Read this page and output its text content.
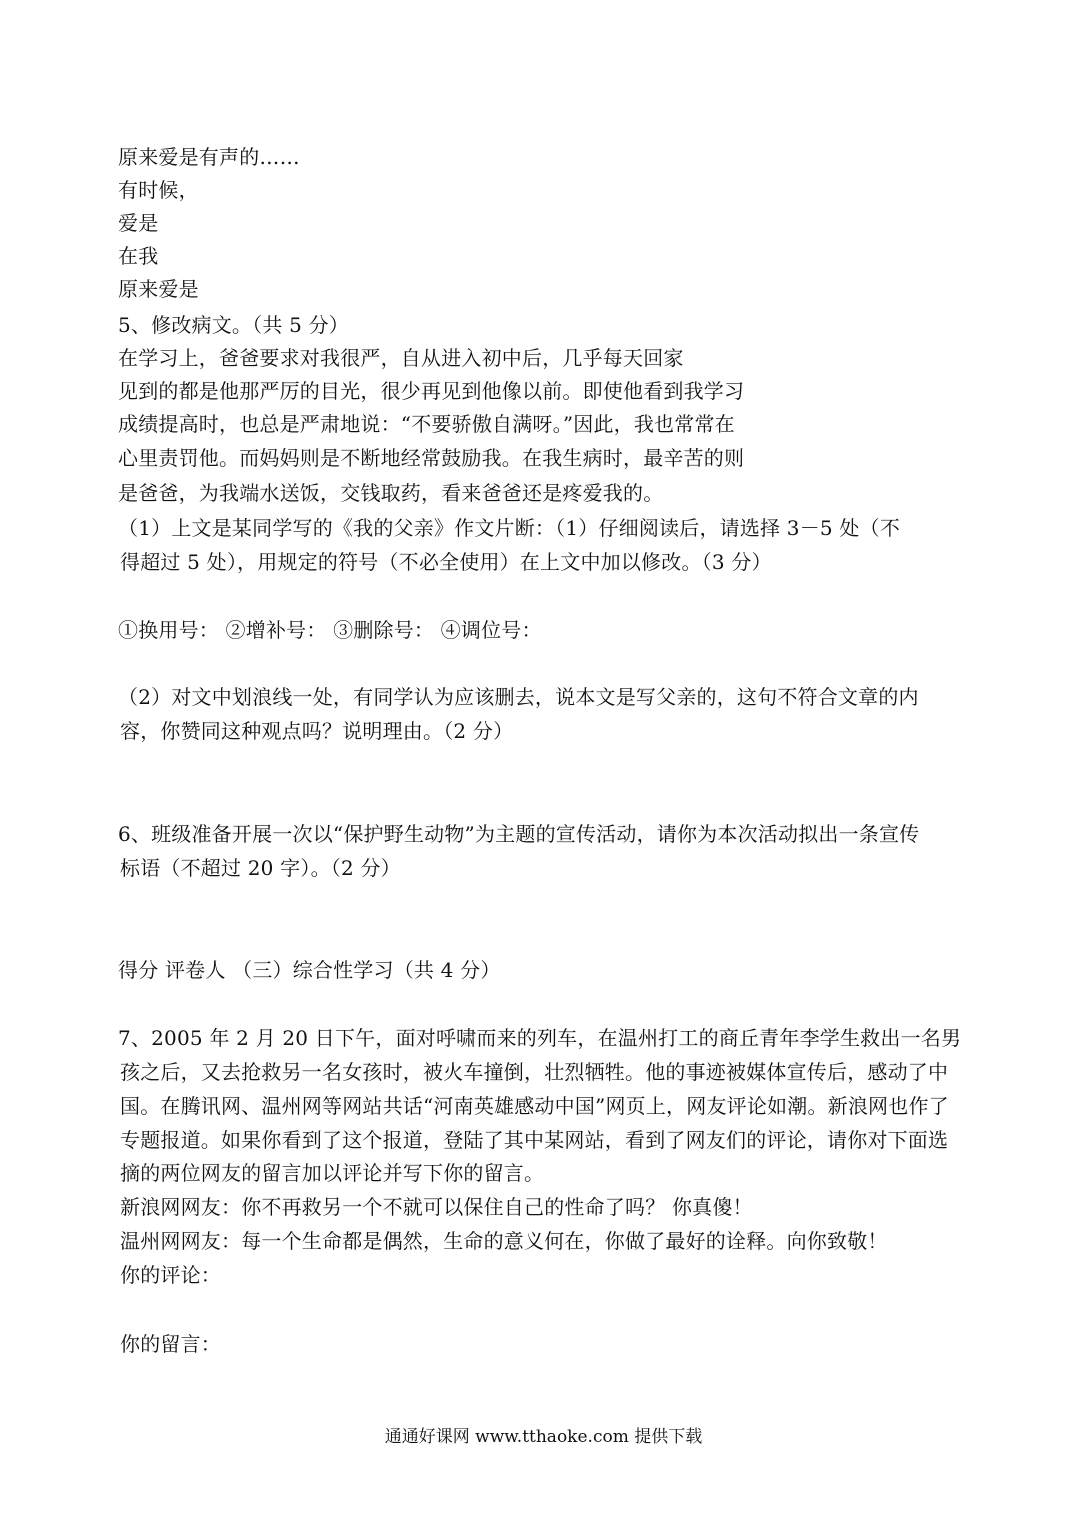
原来爱是有声的……
有时候，
爱是
在我
原来爱是
5、修改病文。（共 5 分）
在学习上，爸爸要求对我很严，自从进入初中后，几乎每天回家
见到的都是他那严厉的目光，很少再见到他像以前。即使他看到我学习
成绩提高时，也总是严肃地说：“不要骄傲自满呀。”因此，我也常常在
心里责罚他。而妈妈则是不断地经常鼓励我。在我生病时，最辛苦的则
是爸爸，为我端水送饭，交钱取药，看来爸爸还是疼爱我的。
（1）上文是某同学写的《我的父亲》作文片断：（1）仔细阅读后，请选择 3－5 处（不
得超过 5 处），用规定的符号（不必全使用）在上文中加以修改。（3 分）
①换用号： ②增补号： ③删除号： ④调位号：
（2）对文中划浪线一处，有同学认为应该删去，说本文是写父亲的，这句不符合文章的内
容，你赞同这种观点吗？说明理由。（2 分）
6、班级准备开展一次以“保护野生动物”为主题的宣传活动，请你为本次活动拟出一条宣传
标语（不超过 20 字）。（2 分）
得分 评卷人 （三）综合性学习（共 4 分）
7、2005 年 2 月 20 日下午，面对呼啸而来的列车，在温州打工的商丘青年李学生救出一名男
孩之后，又去抢救另一名女孩时，被火车撞倒，壮烈牺牲。他的事迹被媒体宣传后，感动了中
国。在腾讯网、温州网等网站共话“河南英雄感动中国”网页上，网友评论如潮。新浪网也作了
专题报道。如果你看到了这个报道，登陆了其中某网站，看到了网友们的评论，请你对下面选
摘的两位网友的留言加以评论并写下你的留言。
新浪网网友：你不再救另一个不就可以保住自己的性命了吗？ 你真傻！
温州网网友：每一个生命都是偶然，生命的意义何在，你做了最好的诠释。向你致敬！
你的评论：
你的留言：
通通好课网 www.tthaoke.com 提供下载
